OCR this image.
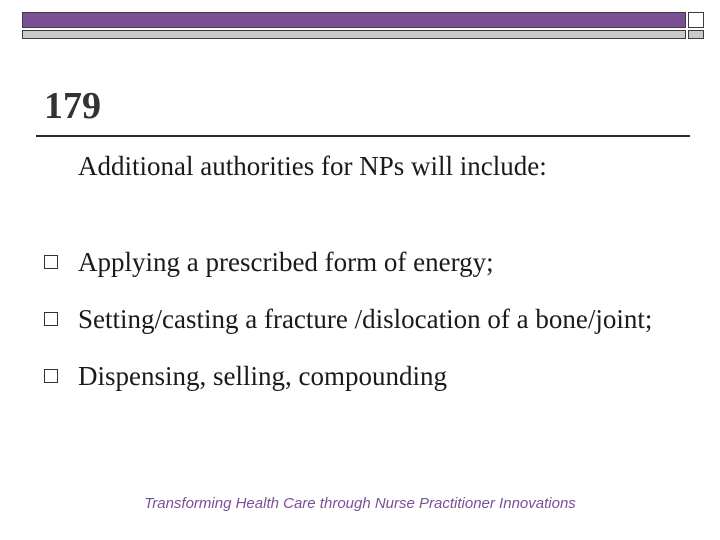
179
Additional authorities for NPs will include:
Applying a prescribed form of energy;
Setting/casting a fracture /dislocation of a bone/joint;
Dispensing, selling, compounding
Transforming Health Care through Nurse Practitioner Innovations
